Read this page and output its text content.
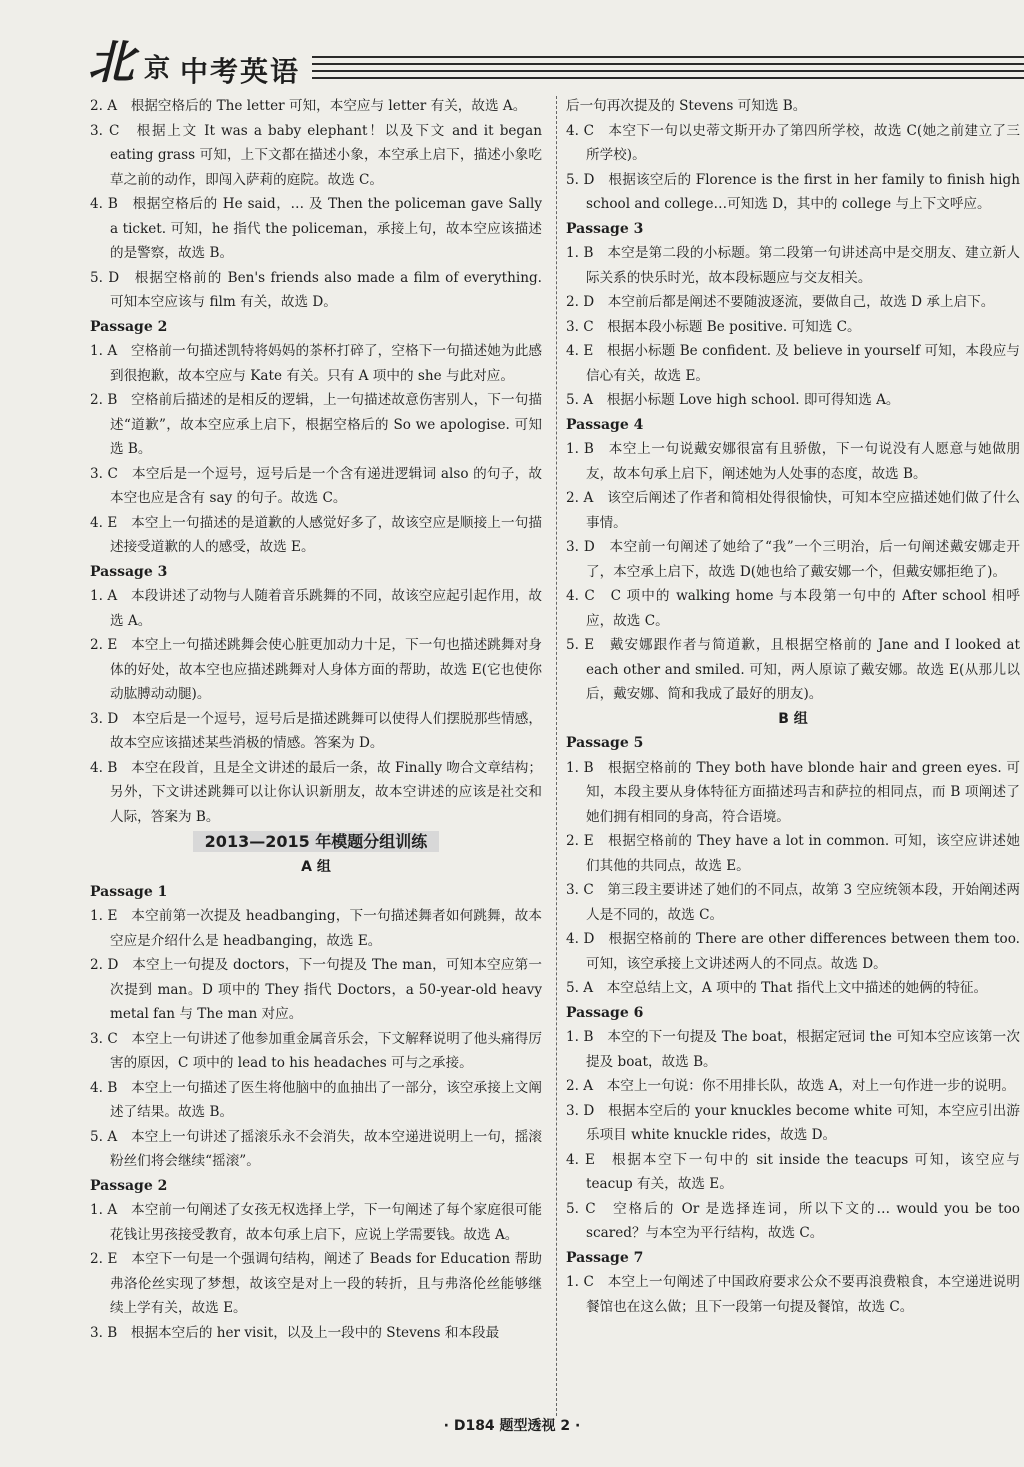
北 京 中考英语
2. A　根据空格后的 The letter 可知，本空应与 letter 有关，故选 A。
3. C　根据上文 It was a baby elephant！以及下文 and it began eating grass 可知，上下文都在描述小象，本空承上启下，描述小象吃草之前的动作，即闯入萨莉的庭院。故选 C。
4. B　根据空格后的 He said，… 及 Then the policeman gave Sally a ticket. 可知，he 指代 the policeman，承接上句，故本空应该描述的是警察，故选 B。
5. D　根据空格前的 Ben's friends also made a film of everything. 可知本空应该与 film 有关，故选 D。
Passage 2
1. A　空格前一句描述凯特将妈妈的茶杯打碎了，空格下一句描述她为此感到很抱歉，故本空应与 Kate 有关。只有 A 项中的 she 与此对应。
2. B　空格前后描述的是相反的逻辑，上一句描述故意伤害别人，下一句描述“道歉”，故本空应承上启下，根据空格后的 So we apologise. 可知选 B。
3. C　本空后是一个逗号，逗号后是一个含有递进逻辑词 also 的句子，故本空也应是含有 say 的句子。故选 C。
4. E　本空上一句描述的是道歉的人感觉好多了，故该空应是顺接上一句描述接受道歉的人的感受，故选 E。
Passage 3
1. A　本段讲述了动物与人随着音乐跳舞的不同，故该空应起引起作用，故选 A。
2. E　本空上一句描述跳舞会使心脏更加动力十足，下一句也描述跳舞对身体的好处，故本空也应描述跳舞对人身体方面的帮助，故选 E(它也使你动肱膊动动腿)。
3. D　本空后是一个逗号，逗号后是描述跳舞可以使得人们摆脱那些情感，故本空应该描述某些消极的情感。答案为 D。
4. B　本空在段首，且是全文讲述的最后一条，故 Finally 吻合文章结构；另外，下文讲述跳舞可以让你认识新朋友，故本空讲述的应该是社交和人际，答案为 B。
2013—2015 年模题分组训练
A 组
Passage 1
1. E　本空前第一次提及 headbanging，下一句描述舞者如何跳舞，故本空应是介绍什么是 headbanging，故选 E。
2. D　本空上一句提及 doctors，下一句提及 The man，可知本空应第一次提到 man。D 项中的 They 指代 Doctors，a 50-year-old heavy metal fan 与 The man 对应。
3. C　本空上一句讲述了他参加重金属音乐会，下文解释说明了他头痛得厉害的原因，C 项中的 lead to his headaches 可与之承接。
4. B　本空上一句描述了医生将他脑中的血抽出了一部分，该空承接上文阐述了结果。故选 B。
5. A　本空上一句讲述了摇滚乐永不会消失，故本空递进说明上一句，摇滚粉丝们将会继续“摇滚”。
Passage 2
1. A　本空前一句阐述了女孩无权选择上学，下一句阐述了每个家庭很可能花钱让男孩接受教育，故本句承上启下，应说上学需要钱。故选 A。
2. E　本空下一句是一个强调句结构，阐述了 Beads for Education 帮助弗洛伦丝实现了梦想，故该空是对上一段的转折，且与弗洛伦丝能够继续上学有关，故选 E。
3. B　根据本空后的 her visit，以及上一段中的 Stevens 和本段最
后一句再次提及的 Stevens 可知选 B。
4. C　本空下一句以史蒂文斯开办了第四所学校，故选 C(她之前建立了三所学校)。
5. D　根据该空后的 Florence is the first in her family to finish high school and college…可知选 D，其中的 college 与上下文呼应。
Passage 3
1. B　本空是第二段的小标题。第二段第一句讲述高中是交朋友、建立新人际关系的快乐时光，故本段标题应与交友相关。
2. D　本空前后都是阐述不要随波逐流，要做自己，故选 D 承上启下。
3. C　根据本段小标题 Be positive. 可知选 C。
4. E　根据小标题 Be confident. 及 believe in yourself 可知，本段应与信心有关，故选 E。
5. A　根据小标题 Love high school. 即可得知选 A。
Passage 4
1. B　本空上一句说戴安娜很富有且骄傲，下一句说没有人愿意与她做朋友，故本句承上启下，阐述她为人处事的态度，故选 B。
2. A　该空后阐述了作者和简相处得很愉快，可知本空应描述她们做了什么事情。
3. D　本空前一句阐述了她给了“我”一个三明治，后一句阐述戴安娜走开了，本空承上启下，故选 D(她也给了戴安娜一个，但戴安娜拒绝了)。
4. C　C 项中的 walking home 与本段第一句中的 After school 相呼应，故选 C。
5. E　戴安娜跟作者与简道歉，且根据空格前的 Jane and I looked at each other and smiled. 可知，两人原谅了戴安娜。故选 E(从那儿以后，戴安娜、简和我成了最好的朋友)。
B 组
Passage 5
1. B　根据空格前的 They both have blonde hair and green eyes. 可知，本段主要从身体特征方面描述玛吉和萨拉的相同点，而 B 项阐述了她们拥有相同的身高，符合语境。
2. E　根据空格前的 They have a lot in common. 可知，该空应讲述她们其他的共同点，故选 E。
3. C　第三段主要讲述了她们的不同点，故第 3 空应统领本段，开始阐述两人是不同的，故选 C。
4. D　根据空格前的 There are other differences between them too. 可知，该空承接上文讲述两人的不同点。故选 D。
5. A　本空总结上文，A 项中的 That 指代上文中描述的她俩的特征。
Passage 6
1. B　本空的下一句提及 The boat，根据定冠词 the 可知本空应该第一次提及 boat，故选 B。
2. A　本空上一句说：你不用排长队，故选 A，对上一句作进一步的说明。
3. D　根据本空后的 your knuckles become white 可知，本空应引出游乐项目 white knuckle rides，故选 D。
4. E　根据本空下一句中的 sit inside the teacups 可知，该空应与 teacup 有关，故选 E。
5. C　空格后的 Or 是选择连词，所以下文的… would you be too scared？与本空为平行结构，故选 C。
Passage 7
1. C　本空上一句阐述了中国政府要求公众不要再浪费粮食，本空递进说明餐馆也在这么做；且下一段第一句提及餐馆，故选 C。
· D184 题型透视 2 ·
